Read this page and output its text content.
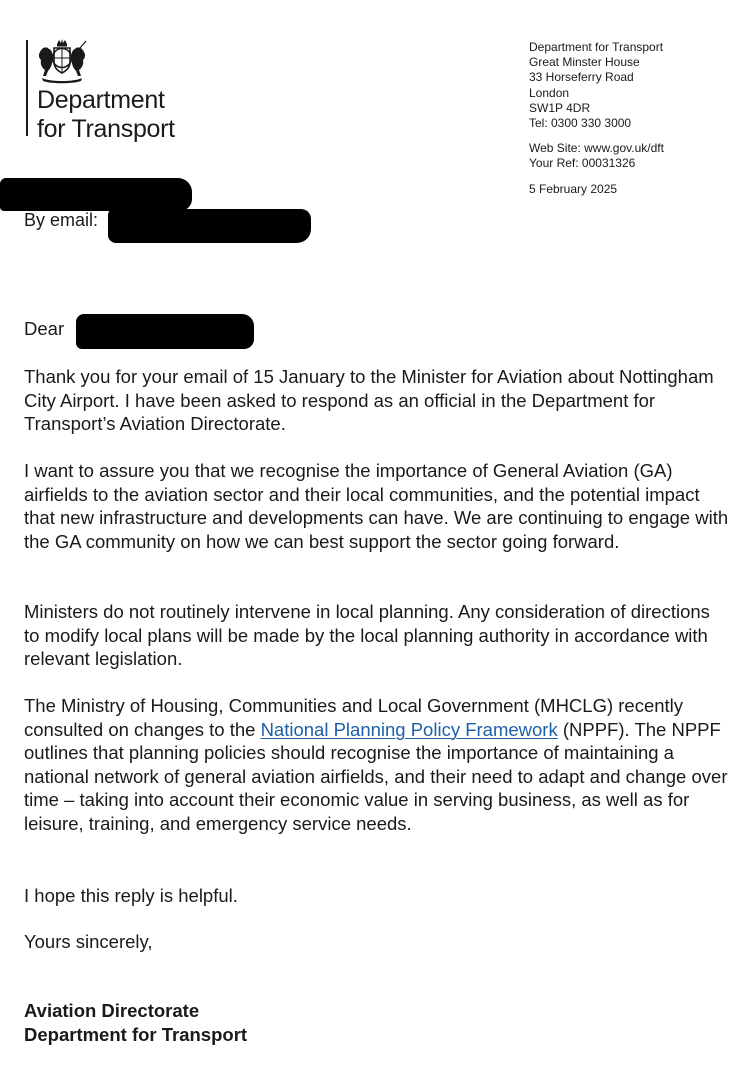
Department
for Transport
Department for Transport
Great Minster House
33 Horseferry Road
London
SW1P 4DR
Tel: 0300 330 3000
Web Site: www.gov.uk/dft
Your Ref: 00031326
5 February 2025
By email:
Dear

Thank you for your email of 15 January to the Minister for Aviation about Nottingham City Airport. I have been asked to respond as an official in the Department for Transport’s Aviation Directorate.

I want to assure you that we recognise the importance of General Aviation (GA) airfields to the aviation sector and their local communities, and the potential impact that new infrastructure and developments can have. We are continuing to engage with the GA community on how we can best support the sector going forward.

Ministers do not routinely intervene in local planning. Any consideration of directions to modify local plans will be made by the local planning authority in accordance with relevant legislation.

The Ministry of Housing, Communities and Local Government (MHCLG) recently consulted on changes to the National Planning Policy Framework (NPPF). The NPPF outlines that planning policies should recognise the importance of maintaining a national network of general aviation airfields, and their need to adapt and change over time – taking into account their economic value in serving business, as well as for leisure, training, and emergency service needs.

I hope this reply is helpful.

Yours sincerely,

Aviation Directorate
Department for Transport
